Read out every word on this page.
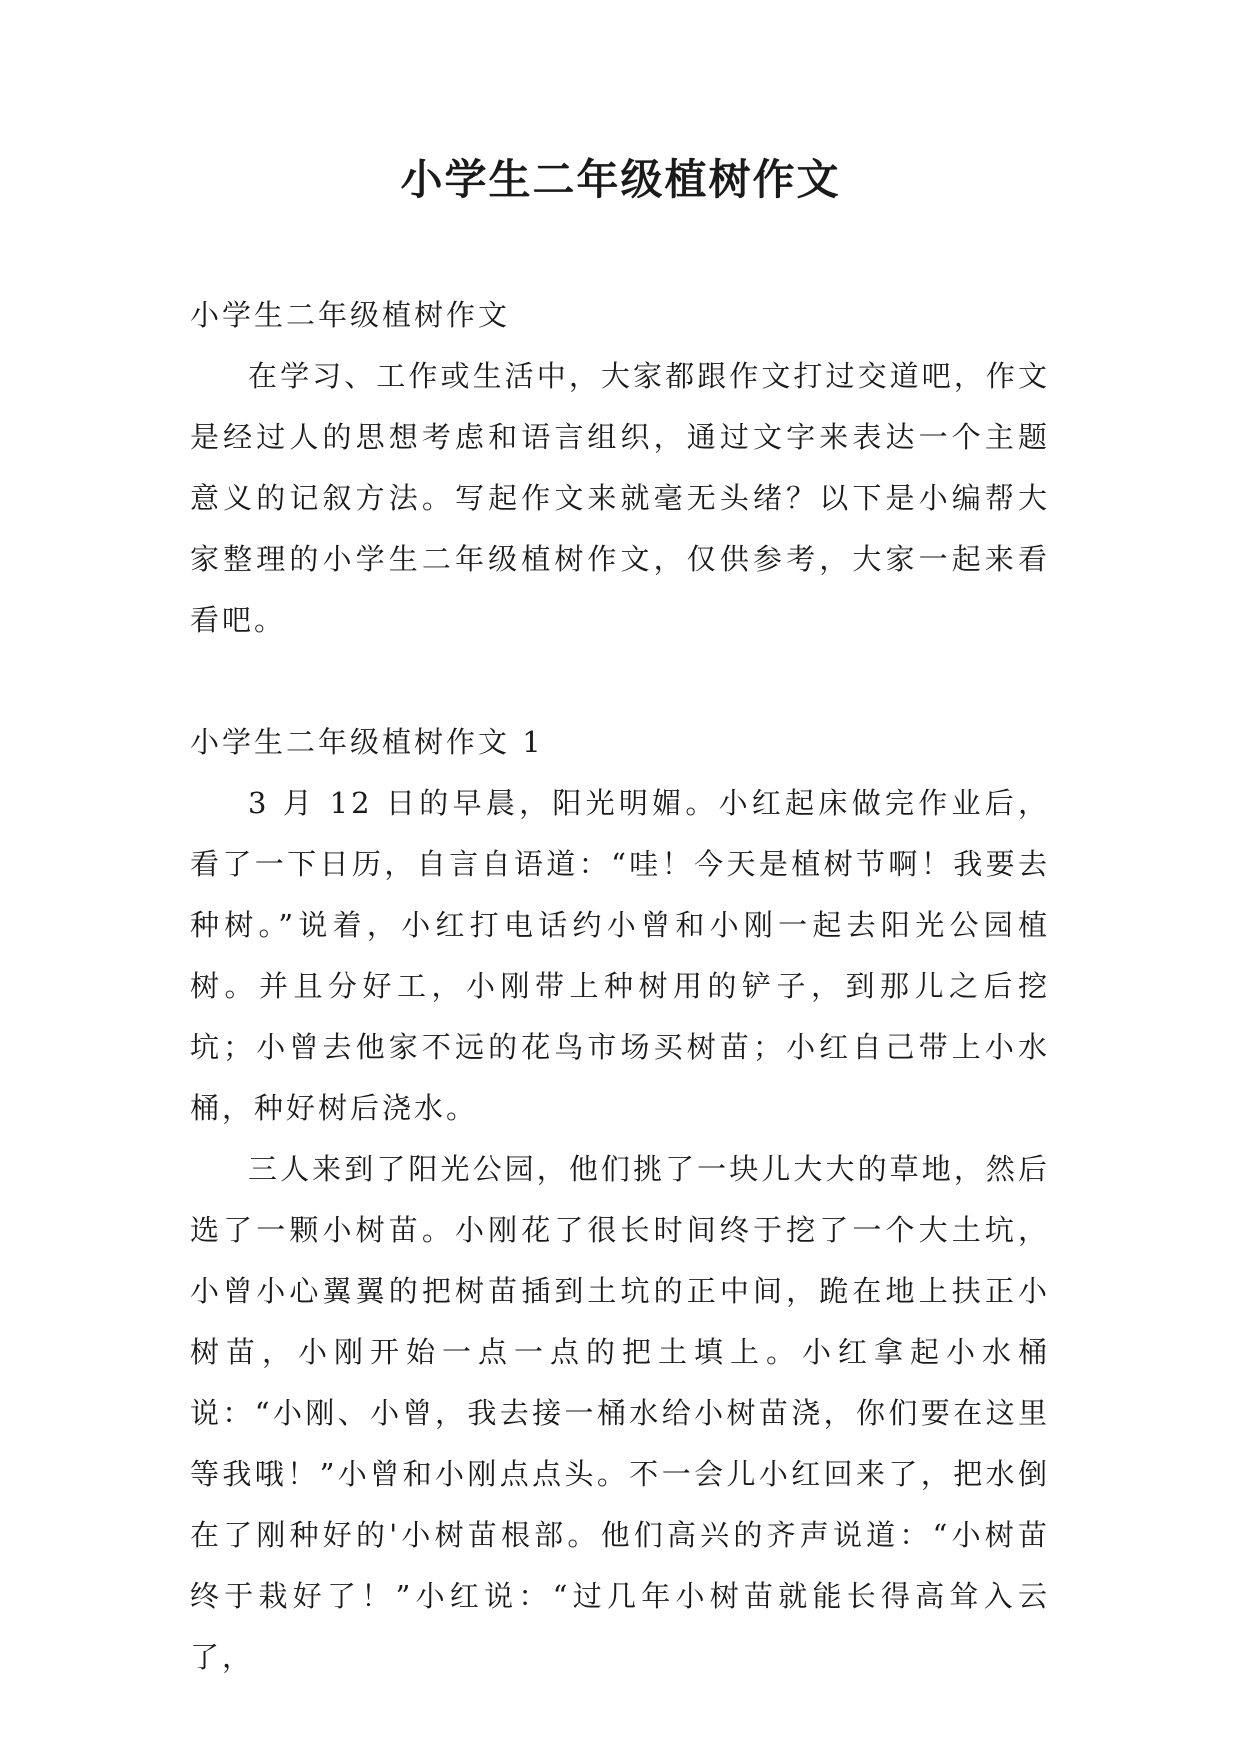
小学生二年级植树作文

小学生二年级植树作文

在学习、工作或生活中，大家都跟作文打过交道吧，作文是经过人的思想考虑和语言组织，通过文字来表达一个主题意义的记叙方法。写起作文来就毫无头绪？以下是小编帮大家整理的小学生二年级植树作文，仅供参考，大家一起来看看吧。

小学生二年级植树作文 1

3 月 12 日的早晨，阳光明媚。小红起床做完作业后，看了一下日历，自言自语道：“哇！今天是植树节啊！我要去种树。”说着，小红打电话约小曾和小刚一起去阳光公园植树。并且分好工，小刚带上种树用的铲子，到那儿之后挖坑；小曾去他家不远的花鸟市场买树苗；小红自己带上小水桶，种好树后浇水。

三人来到了阳光公园，他们挑了一块儿大大的草地，然后选了一颗小树苗。小刚花了很长时间终于挖了一个大土坑，小曾小心翼翼的把树苗插到土坑的正中间，跪在地上扶正小树苗，小刚开始一点一点的把土填上。小红拿起小水桶说：“小刚、小曾，我去接一桶水给小树苗浇，你们要在这里等我哦！”小曾和小刚点点头。不一会儿小红回来了，把水倒在了刚种好的'小树苗根部。他们高兴的齐声说道：“小树苗终于栽好了！”小红说：“过几年小树苗就能长得高耸入云了，
